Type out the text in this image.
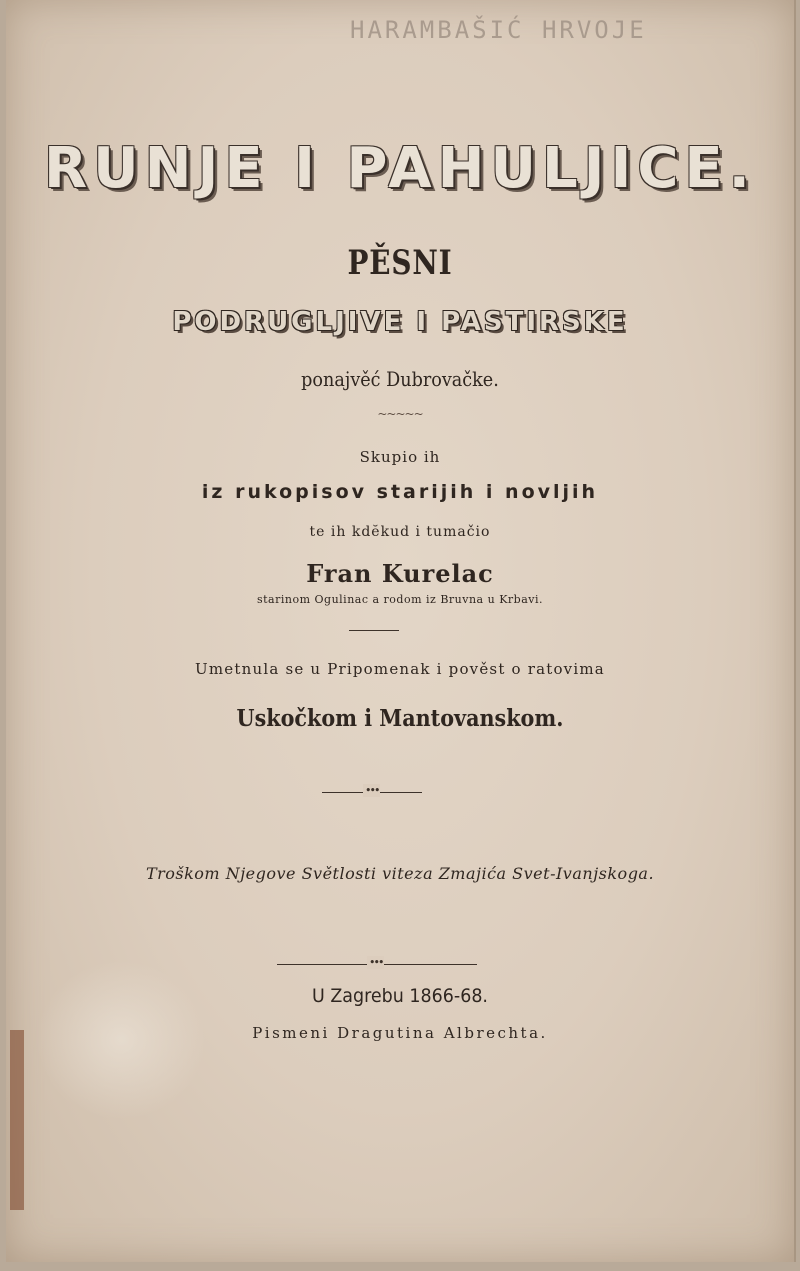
HARAMBAŠIĆ HRVOJE
RUNJE I PAHULJICE.
PĚSNI
PODRUGLJIVE I PASTIRSKE
ponajvěć Dubrovačke.
~~~~~
Skupio ih
iz rukopisov starijih i novljih
te ih kdĕkud i tumačio
Fran Kurelac
starinom Ogulinac a rodom iz Bruvna u Krbavi.
Umetnula se u Pripomenak i pověst o ratovima
Uskočkom i Mantovanskom.
•••
Troškom Njegove Světlosti viteza Zmajića Svet-Ivanjskoga.
•••
U Zagrebu 1866-68.
Pismeni Dragutina Albrechta.
